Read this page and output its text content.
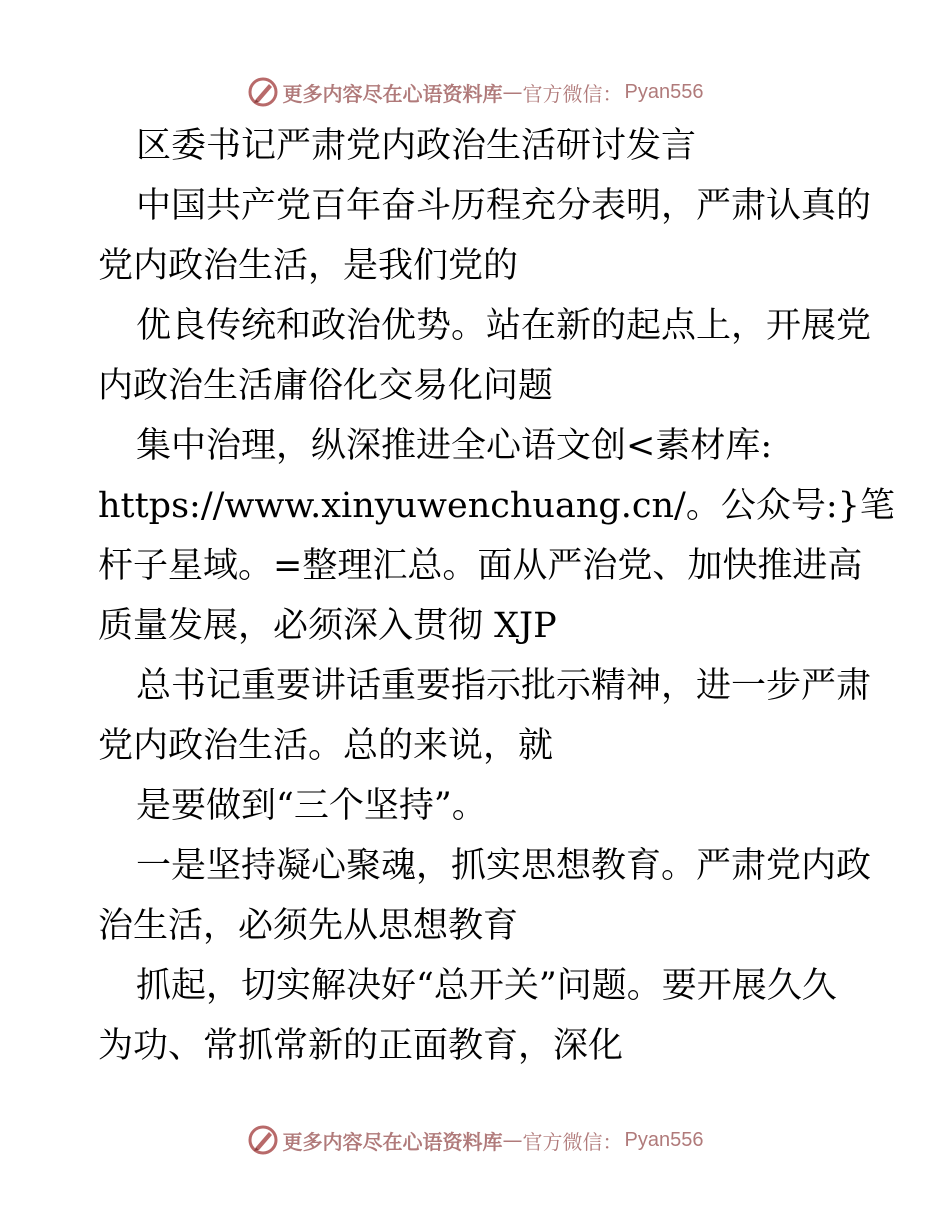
更多内容尽在心语资料库 — 官方微信： Pyan556
区委书记严肃党内政治生活研讨发言
中国共产党百年奋斗历程充分表明，严肃认真的
党内政治生活，是我们党的
优良传统和政治优势。站在新的起点上，开展党
内政治生活庸俗化交易化问题
集中治理，纵深推进全心语文创<素材库:
https://www.xinyuwenchuang.cn/。公众号:}笔
杆子星域。=整理汇总。面从严治党、加快推进高
质量发展，必须深入贯彻 XJP
总书记重要讲话重要指示批示精神，进一步严肃
党内政治生活。总的来说，就
是要做到“三个坚持”。
一是坚持凝心聚魂，抓实思想教育。严肃党内政
治生活，必须先从思想教育
抓起，切实解决好“总开关”问题。要开展久久
为功、常抓常新的正面教育，深化
更多内容尽在心语资料库 — 官方微信： Pyan556
